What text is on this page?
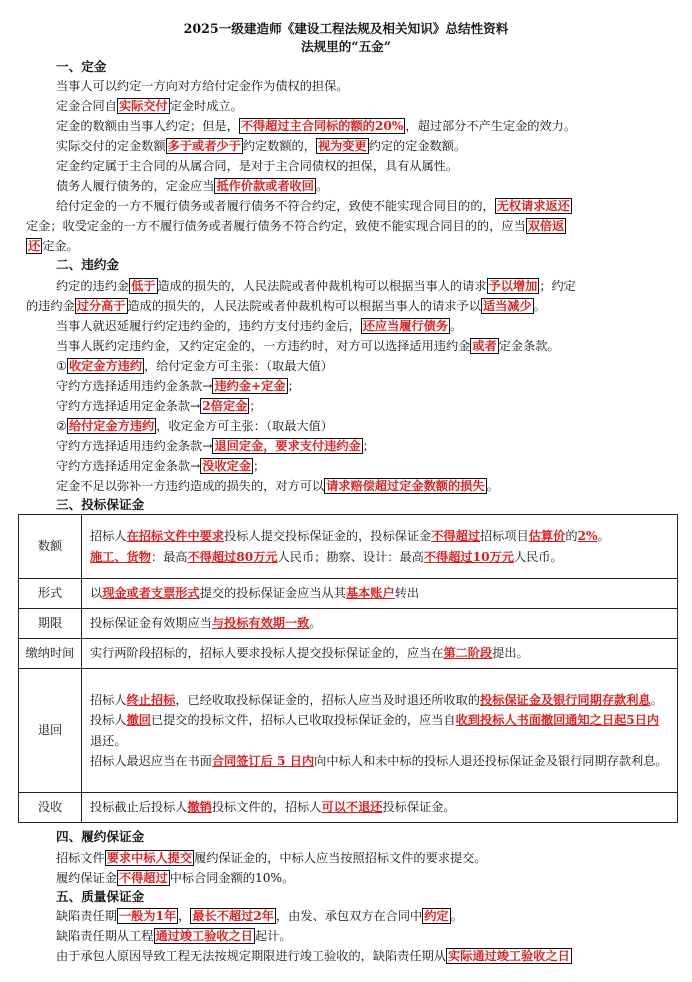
2025一级建造师《建设工程法规及相关知识》总结性资料
法规里的“五金”
一、定金
当事人可以约定一方向对方给付定金作为债权的担保。
定金合同自 实际交付 定金时成立。
定金的数额由当事人约定；但是， 不得超过主合同标的额的20% ，超过部分不产生定金的效力。
实际交付的定金数额 多于或者少于 约定数额的， 视为变更 约定的定金数额。
定金约定属于主合同的从属合同，是对于主合同债权的担保，具有从属性。
债务人履行债务的，定金应当 抵作价款或者收回 。
给付定金的一方不履行债务或者履行债务不符合约定，致使不能实现合同目的的， 无权请求返还
定金；收受定金的一方不履行债务或者履行债务不符合约定，致使不能实现合同目的的，应当 双倍返
还 定金。
二、违约金
约定的违约金 低于 造成的损失的，人民法院或者仲裁机构可以根据当事人的请求 予以增加 ；约定
的违约金 过分高于 造成的损失的，人民法院或者仲裁机构可以根据当事人的请求予以 适当减少 。
当事人就迟延履行约定违约金的，违约方支付违约金后， 还应当履行债务 。
当事人既约定违约金，又约定定金的，一方违约时，对方可以选择适用违约金 或者 定金条款。
① 收定金方违约 ，给付定金方可主张：（取最大值）
守约方选择适用违约金条款→ 违约金+定金 ；
守约方选择适用定金条款→ 2倍定金 ；
② 给付定金方违约 ，收定金方可主张：（取最大值）
守约方选择适用违约金条款→ 退回定金，要求支付违约金 ；
守约方选择适用定金条款→ 没收定金 ；
定金不足以弥补一方违约造成的损失的，对方可以 请求赔偿超过定金数额的损失 。
三、投标保证金
数额	招标人在招标文件中要求投标人提交投标保证金的，投标保证金不得超过招标项目估算价的2%。
施工、货物：最高不得超过80万元人民币；勘察、设计：最高不得超过10万元人民币。

形式	以现金或者支票形式提交的投标保证金应当从其基本账户转出
期限	投标保证金有效期应当与投标有效期一致。
缴纳时间	实行两阶段招标的，招标人要求投标人提交投标保证金的，应当在第二阶段提出。
退回	招标人终止招标，已经收取投标保证金的，招标人应当及时退还所收取的投标保证金及银行同期存款利息。
投标人撤回已提交的投标文件，招标人已收取投标保证金的，应当自收到投标人书面撤回通知之日起5日内退还。
招标人最迟应当在书面合同签订后 5 日内向中标人和未中标的投标人退还投标保证金及银行同期存款利息。

没收	投标截止后投标人撤销投标文件的，招标人可以不退还投标保证金。
四、履约保证金
招标文件 要求中标人提交 履约保证金的，中标人应当按照招标文件的要求提交。
履约保证金 不得超过 中标合同金额的10%。
五、质量保证金
缺陷责任期 一般为1年 ， 最长不超过2年 ，由发、承包双方在合同中 约定 。
缺陷责任期从工程 通过竣工验收之日 起计。
由于承包人原因导致工程无法按规定期限进行竣工验收的，缺陷责任期从 实际通过竣工验收之日
